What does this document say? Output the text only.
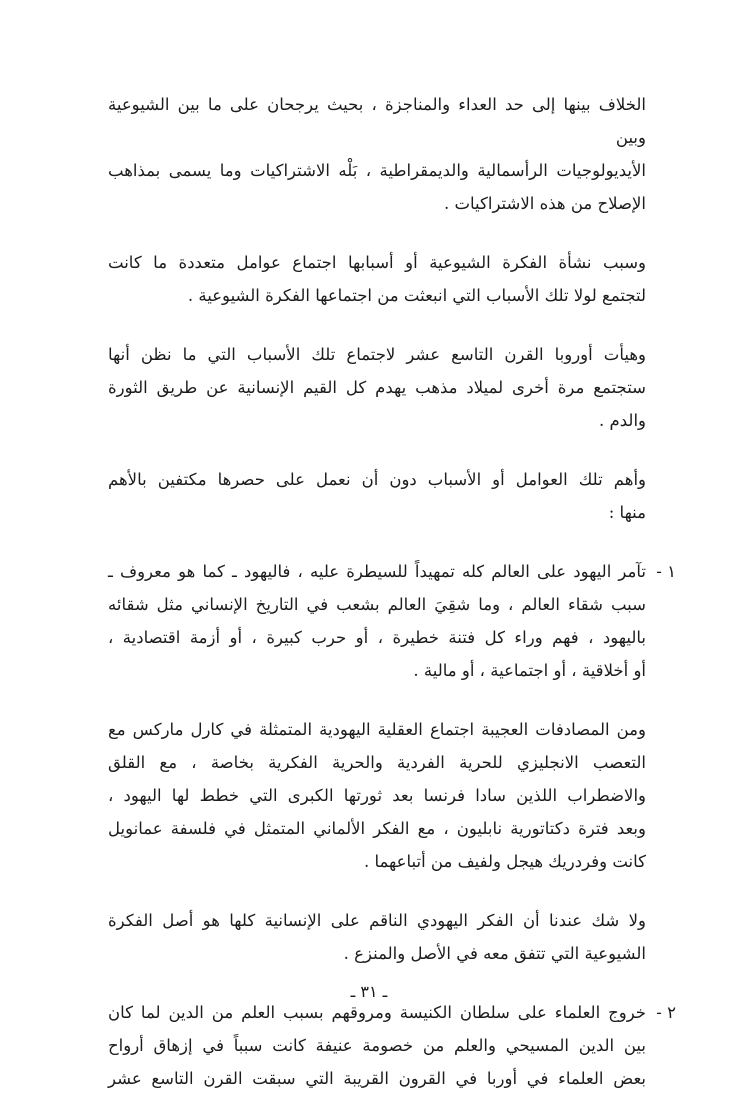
الخلاف بينها إلى حد العداء والمناجزة ، بحيث يرجحان على ما بين الشيوعية وبين
الأيديولوجيات الرأسمالية والديمقراطية ، بَلْه الاشتراكيات وما يسمى بمذاهب
الإصلاح من هذه الاشتراكيات .
وسبب نشأة الفكرة الشيوعية أو أسبابها اجتماع عوامل متعددة ما كانت
لتجتمع لولا تلك الأسباب التي انبعثت من اجتماعها الفكرة الشيوعية .
وهيأت أوروبا القرن التاسع عشر لاجتماع تلك الأسباب التي ما نظن أنها
ستجتمع مرة أخرى لميلاد مذهب يهدم كل القيم الإنسانية عن طريق الثورة
والدم .
وأهم تلك العوامل أو الأسباب دون أن نعمل على حصرها مكتفين بالأهم
منها :
١ -
تآمر اليهود على العالم كله تمهيداً للسيطرة عليه ، فاليهود ـ كما هو معروف ـ
سبب شقاء العالم ، وما شقِيَ العالم بشعب في التاريخ الإنساني مثل شقائه
باليهود ، فهم وراء كل فتنة خطيرة ، أو حرب كبيرة ، أو أزمة اقتصادية ،
أو أخلاقية ، أو اجتماعية ، أو مالية .
ومن المصادفات العجيبة اجتماع العقلية اليهودية المتمثلة في كارل ماركس مع
التعصب الانجليزي للحرية الفردية والحرية الفكرية بخاصة ، مع القلق
والاضطراب اللذين سادا فرنسا بعد ثورتها الكبرى التي خطط لها اليهود ،
وبعد فترة دكتاتورية نابليون ، مع الفكر الألماني المتمثل في فلسفة عمانويل
كانت وفردريك هيجل ولفيف من أتباعهما .
ولا شك عندنا أن الفكر اليهودي الناقم على الإنسانية كلها هو أصل الفكرة
الشيوعية التي تتفق معه في الأصل والمنزع .
٢ -
خروج العلماء على سلطان الكنيسة ومروقهم بسبب العلم من الدين لما كان
بين الدين المسيحي والعلم من خصومة عنيفة كانت سبباً في إزهاق أرواح
بعض العلماء في أوربا في القرون القريبة التي سبقت القرن التاسع عشر
ـ ٣١ ـ
